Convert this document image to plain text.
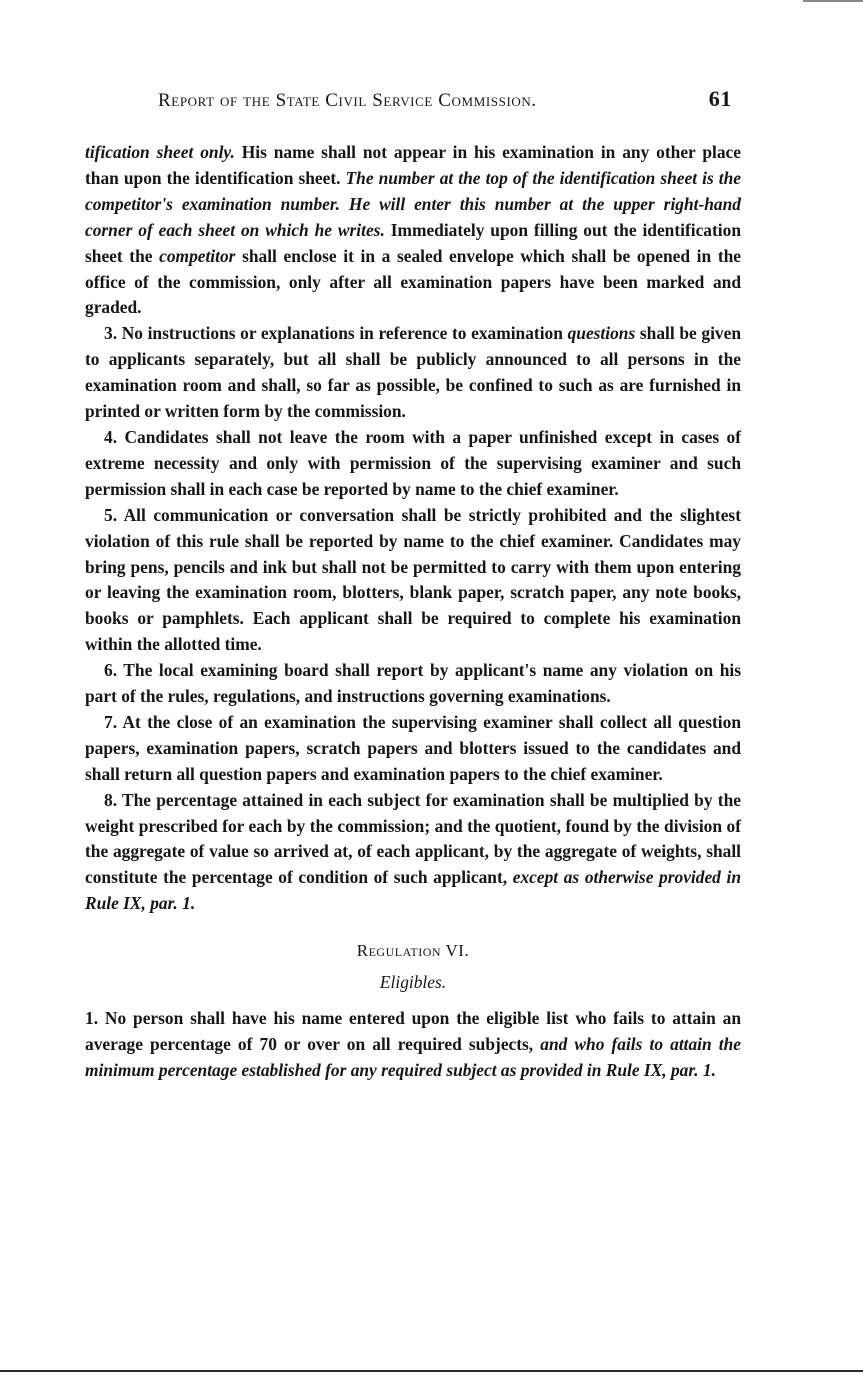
Report of the State Civil Service Commission.	61

tification sheet only. His name shall not appear in his examination in any other place than upon the identification sheet. The number at the top of the identification sheet is the competitor's examination number. He will enter this number at the upper right-hand corner of each sheet on which he writes. Immediately upon filling out the identification sheet the competitor shall enclose it in a sealed envelope which shall be opened in the office of the commission, only after all examination papers have been marked and graded.

3. No instructions or explanations in reference to examination questions shall be given to applicants separately, but all shall be publicly announced to all persons in the examination room and shall, so far as possible, be confined to such as are furnished in printed or written form by the commission.

4. Candidates shall not leave the room with a paper unfinished except in cases of extreme necessity and only with permission of the supervising examiner and such permission shall in each case be reported by name to the chief examiner.

5. All communication or conversation shall be strictly prohibited and the slightest violation of this rule shall be reported by name to the chief examiner. Candidates may bring pens, pencils and ink but shall not be permitted to carry with them upon entering or leaving the examination room, blotters, blank paper, scratch paper, any note books, books or pamphlets. Each applicant shall be required to complete his examination within the allotted time.

6. The local examining board shall report by applicant's name any violation on his part of the rules, regulations, and instructions governing examinations.

7. At the close of an examination the supervising examiner shall collect all question papers, examination papers, scratch papers and blotters issued to the candidates and shall return all question papers and examination papers to the chief examiner.

8. The percentage attained in each subject for examination shall be multiplied by the weight prescribed for each by the commission; and the quotient, found by the division of the aggregate of value so arrived at, of each applicant, by the aggregate of weights, shall constitute the percentage of condition of such applicant, except as otherwise provided in Rule IX, par. 1.

Regulation VI.

Eligibles.

1. No person shall have his name entered upon the eligible list who fails to attain an average percentage of 70 or over on all required subjects, and who fails to attain the minimum percentage established for any required subject as provided in Rule IX, par. 1.
